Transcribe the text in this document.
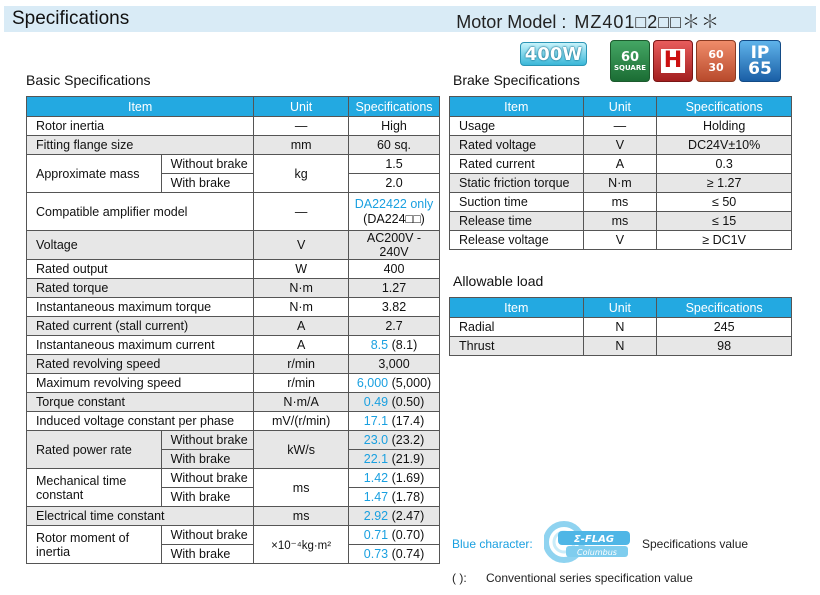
Specifications	Motor Model : MZ401□2□□＊＊
400W	60
SQUARE H 60
30
IP
65
Basic Specifications
Item		Unit	Specifications
Rotor inertia		—	High
Fitting flange size		mm	60 sq.
Approximate mass	Without brake	kg	1.5
	With brake		2.0
Compatible amplifier model		—	DA22422 only
(DA224□□)
Voltage		V	AC200V - 240V
Rated output		W	400
Rated torque		N·m	1.27
Instantaneous maximum torque		N·m	3.82
Rated current (stall current)		A	2.7
Instantaneous maximum current		A	8.5 (8.1)
Rated revolving speed		r/min	3,000
Maximum revolving speed		r/min	6,000 (5,000)
Torque constant		N·m/A	0.49 (0.50)
Induced voltage constant per phase		mV/(r/min)	17.1 (17.4)
Rated power rate	Without brake	kW/s	23.0 (23.2)
	With brake		22.1 (21.9)
Mechanical time constant	Without brake	ms	1.42 (1.69)
	With brake		1.47 (1.78)
Electrical time constant		ms	2.92 (2.47)
Rotor moment of inertia	Without brake	×10⁻⁴kg·m²	0.71 (0.70)
	With brake		0.73 (0.74)
Brake Specifications
Item	Unit	Specifications
Usage	—	Holding
Rated voltage	V	DC24V±10%
Rated current	A	0.3
Static friction torque	N·m	≥ 1.27
Suction time	ms	≤ 50
Release time	ms	≤ 15
Release voltage	V	≥ DC1V
Allowable load
Item	Unit	Specifications
Radial	N	245
Thrust	N	98
Blue character:	Σ-FLAG
Columbus
Specifications value
( ): Conventional series specification value
